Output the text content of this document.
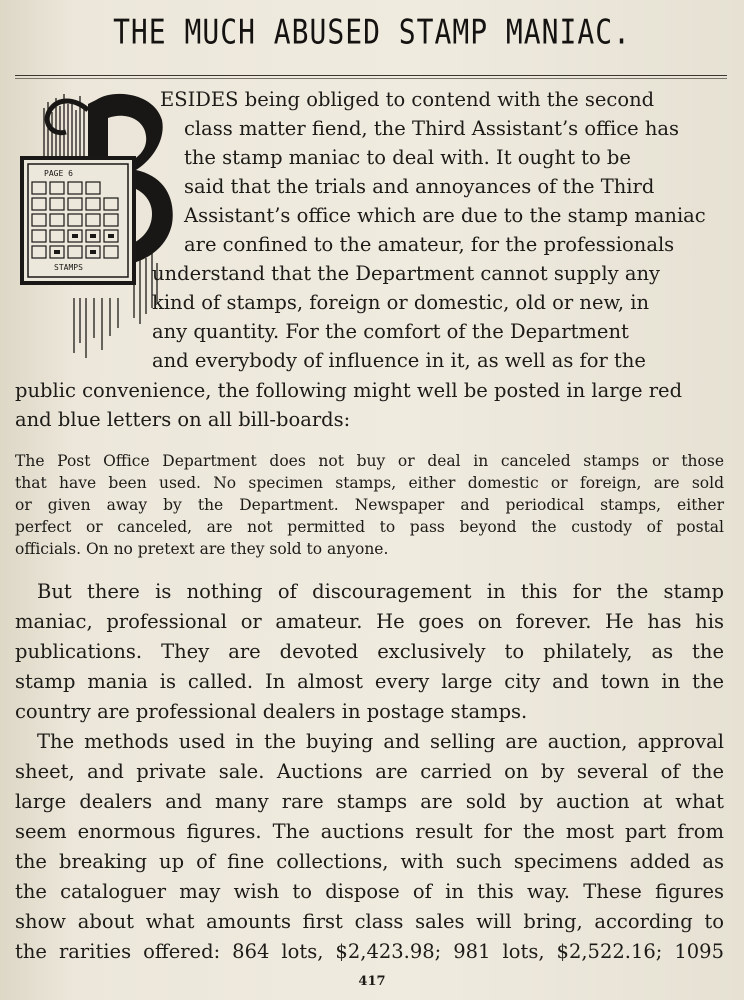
THE MUCH ABUSED STAMP MANIAC.
PAGE 6
STAMPS
ESIDES being obliged to contend with the second
class matter fiend, the Third Assistant’s office has
the stamp maniac to deal with. It ought to be
said that the trials and annoyances of the Third
Assistant’s office which are due to the stamp maniac
are confined to the amateur, for the professionals
understand that the Department cannot supply any
kind of stamps, foreign or domestic, old or new, in
any quantity. For the comfort of the Department
and everybody of influence in it, as well as for the
public convenience, the following might well be posted in large red
and blue letters on all bill-boards:
The Post Office Department does not buy or deal in canceled stamps or those
that have been used. No specimen stamps, either domestic or foreign, are sold
or given away by the Department. Newspaper and periodical stamps, either
perfect or canceled, are not permitted to pass beyond the custody of postal
officials. On no pretext are they sold to anyone.
But there is nothing of discouragement in this for the stamp
maniac, professional or amateur. He goes on forever. He has his
publications. They are devoted exclusively to philately, as the
stamp mania is called. In almost every large city and town in the
country are professional dealers in postage stamps.
The methods used in the buying and selling are auction, approval
sheet, and private sale. Auctions are carried on by several of the
large dealers and many rare stamps are sold by auction at what
seem enormous figures. The auctions result for the most part from
the breaking up of fine collections, with such specimens added as
the cataloguer may wish to dispose of in this way. These figures
show about what amounts first class sales will bring, according to
the rarities offered: 864 lots, $2,423.98; 981 lots, $2,522.16; 1095
417
